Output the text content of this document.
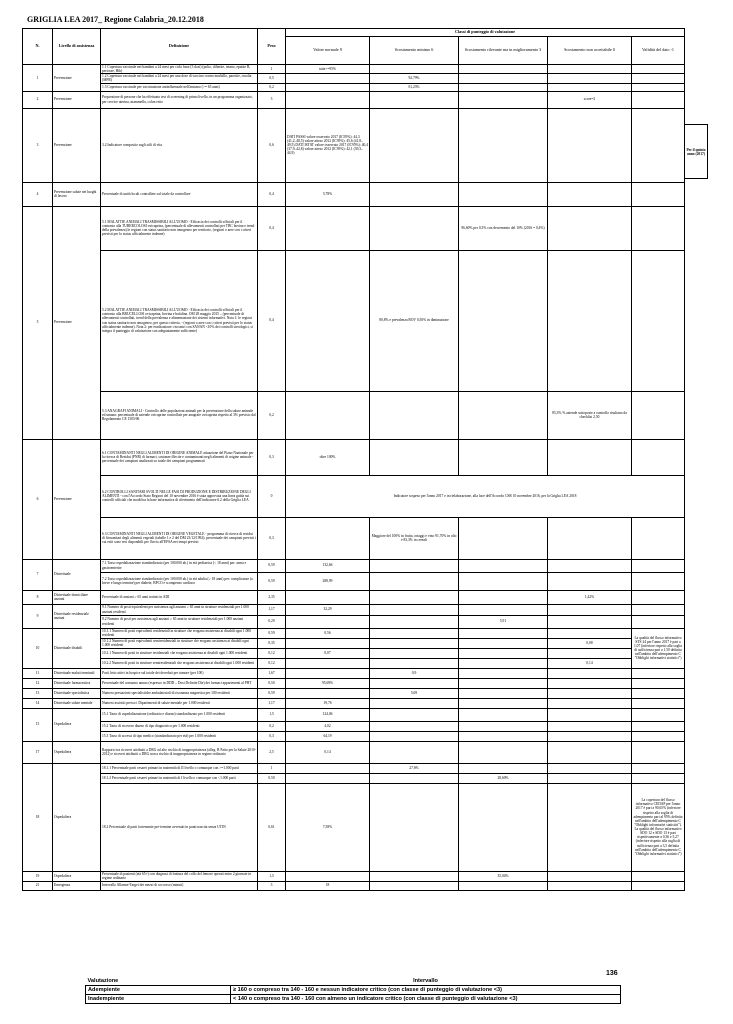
GRIGLIA LEA 2017_ Regione Calabria_20.12.2018
N.	Livello di assistenza	Definizione	Peso	Classi di punteggio di valutazione				
				Valore normale 9	Scostamento minimo 6	Scostamento rilevante ma in miglioramento 3	Scostamento non accettabile 0	Validità del dato -1
1	Prevenzione	1.1 Copertura vaccinale nei bambini a 24 mesi per ciclo base (3 dosi) (polio, difterite, tetano, epatite B, pertosse, Hib)	1	tutte>=95%				
		1.2 Copertura vaccinale nei bambini a 24 mesi per una dose di vaccino contro morbillo, parotite, rosolia (MPR)	0,5		92,79%			
		1.3 Copertura vaccinale per vaccinazione antinfluenzale nell'anziano (>= 65 anni)	0,2		61,23%			
2	Prevenzione	Proporzione di persone che ha effettuato test di screening di primo livello, in un programma organizzato, per cervice uterina, mammella, colon retto	3				score=2	
3	Prevenzione	3.2 Indicatore composito sugli stili di vita	0,6	DATI PASSI valore osservato 2017 (IC95%): 44,3 (41,2–48,5) valore atteso 2012 (IC95%): 45,6 (41,8–49,5) DATI ISTAT valore osservato 2017 (IC95%): 40,4 (37,9–42,8) valore atteso 2012 (IC95%): 42,1 (39,3–44,9)				
4	Prevenzione salute nei luoghi di lavoro	Percentuale di unità locali controllate sul totale da controllare	0,4	5,78%				
5	Prevenzione	5.1 MALATTIE ANIMALI TRASMISSIBILI ALL'UOMO - Efficacia dei controlli ufficiali per il contrasto alla TUBERCOLOSI ovicaprina, (percentuale di allevamenti controllati per TBC bovina e trend della prevalenza) le regioni con status sanitario non omogeneo per territorio, (regioni o aree con i criteri previsti per lo status ufficialmente indenne)	0,4			96,60% per 0,3% con decremento del 10% (2016 = 0,4%)		
		5.2 MALATTIE ANIMALI TRASMISSIBILI ALL'UOMO - Efficacia dei controlli ufficiali per il contrasto alla BRUCELLOSI ovicaprina, bovina e bufalina. OM 28 maggio 2015 – (percentuale di allevamenti controllati, trend della prevalenza e alimentazione dei sistemi informativi. Nota 1: le regioni con status sanitario non omogeneo, per questo criterio, - (regioni o aree con i criteri previsti per lo status ufficialmente indenne). Nota 2: per eradicazione: riscontri con SANAN <10% dei controlli sierologici, si integra il punteggio di valutazione con adeguatamente sufficiente)	0,4		80,8% e prevalenza BOV 0,50% in diminuzione			
		5.3 ANAGRAFI ANIMALI - Controllo delle popolazioni animali per la prevenzione della salute animale ed umana: percentuale di aziende ovicaprine controllate per anagrafe ovicaprina rispetto al 3% previsto dal Regolamento CE 1505/06	0,2				85,3% % aziende sottoposte a controllo risultano da checklist 2,50	
6	Prevenzione	6.1 CONTAMINANTI NEGLI ALIMENTI DI ORIGINE ANIMALE attuazione del Piano Nazionale per la ricerca di Residui (PNR) di farmaci, sostanze illecite e contaminanti negli alimenti di origine animale - percentuale dei campioni analizzati su totale dei campioni programmati	0,3	oltre 100%				
		6.2 CONTROLLI SANITARI SVOLTI NELLE FASI DI PRODUZIONE E DISTRIBUZIONE DEGLI ALIMENTI - con l'Accordo Stato Regioni del 10 novembre 2016 è stata approvata una linea guida sui controlli ufficiali che modifica la base informativa di riferimento dell'indicatore 6.2 della Griglia LEA	0	Indicatore sospeso per l'anno 2017 e in rielaborazione, alla luce dell'Accordo CSR 10 novembre 2016, per la Griglia LEA 2018				
		6.3 CONTAMINANTI NEGLI ALIMENTI DI ORIGINE VEGETALE - programma di ricerca di residui di fitosanitari degli alimenti vegetali (tabelle 1 e 2 del DM 23/12/1992); percentuale dei campioni previsti i cui esiti sono resi disponibili per l'invio all'EFSA nei tempi previsti	0,3		Maggiore del 100% in frutta, ortaggi e vino 91,70% in olio e 83,3% in cereali			
7	Distrettuale	7.1 Tasso ospedalizzazione standardizzato (per 100.000 ab.) in età pediatrica (< 18 anni) per: asma e gastroenterite	0,59	132,66				
		7.2 Tasso ospedalizzazione standardizzato (per 100.000 ab.) in età adulta (≥ 18 anni) per: complicanze (a breve e lungo termine) per diabete, BPCO e scompenso cardiaco	0,59	288,99				
8	Distrettuale domiciliare anziani	Percentuale di anziani ≥ 65 anni trattati in ADI	2,35				1,42%	
9	Distrettuale residenziale anziani	9.1 Numero di posti equivalenti per assistenza agli anziani ≥ 65 anni in strutture residenziali per 1.000 anziani residenti	1,17	32,29				
		9.2 Numero di posti per assistenza agli anziani ≥ 65 anni in strutture residenziali per 1.000 anziani residenti	0,29			5,91		
10	Distrettuale disabili	10.1.1 Numero di posti equivalenti residenziali in strutture che erogano assistenza ai disabili ogni 1.000 residenti	0,59	0,56				La qualità del flusso informativo STS 24 per l'anno 2017 è pari a 1,07 (inferiore rispetto alla soglia di sufficienza pari a 1,50 definita nell'ambito dell'adempimento C "Obblighi informativi statistici")
		10.1.2 Numero di posti equivalenti semiresidenziali in strutture che erogano assistenza ai disabili ogni 1.000 residenti	0,35				0,08	
		10.2.1 Numero di posti in strutture residenziali che erogano assistenza ai disabili ogni 1.000 residenti	0,12	0,07				
		10.2.2 Numero di posti in strutture semiresidenziali che erogano assistenza ai disabili ogni 1.000 residenti	0,12				0,14	
11	Distrettuale malati terminali	Posti letto attivi in hospice sul totale dei deceduti per tumore (per 100)	1,67		0,9			
12	Distrettuale farmaceutica	Percentuale del consumo annuo (espresso in DDD – Dosi Definite Die) dei farmaci appartenenti al PHT	0,50	95,69%				
13	Distrettuale specialistica	Numero prestazioni specialistiche ambulatoriali di risonanza magnetica per 100 residenti	0,59		5,69			
14	Distrettuale salute mentale	Numero assistiti presso i Dipartimenti di salute mentale per 1.000 residenti	1,17	19,76				
15	Ospedaliera	15.1 Tasso di ospedalizzazione (ordinario e diurno) standardizzato per 1.000 residenti	1,5	124,06				
		15.2 Tasso di ricovero diurno di tipo diagnostico per 1.000 residenti	0,2	4,02				
		15.3 Tasso di accessi di tipo medico (standardizzato per età) per 1.000 residenti	0,3	64,19				
17	Ospedaliera	Rapporto tra ricoveri attribuiti a DRG ad alto rischio di inappropriatezza (alleg. B Patto per la Salute 2010-2012) e ricoveri attribuiti a DRG non a rischio di inappropriatezza in regime ordinario	2,5	0,14				
18	Ospedaliera	18.1.1 Percentuale parti cesarei primari in maternità di II livello o comunque con >=1.000 parti	1		27,6%			
		18.1.2 Percentuale parti cesarei primari in maternità di I livello o comunque con <1.000 parti	0,50			28,60%		
		18.2 Percentuale di parti fortemente pre-termine avvenuti in punti nascita senza UTIN	0,61	7,58%				La copertura del flusso informativo CEDAP per l'anno 2017 è pari a 90,65% (inferiore rispetto alla soglia di adempimento pari al 95% definita nell'ambito dell'adempimento C "Obblighi informativi statistici"). La qualità del flusso informativo SDO 12 e SDO 13 è pari rispettivamente a 0,36 e 5,27 (inferiore rispetto alla soglia di sufficienza pari a 3,5 definita nell'ambito dell'adempimento C "Obblighi informativi statistici")
19	Ospedaliera	Percentuale di pazienti (età 65+) con diagnosi di frattura del collo del femore operati entro 2 giornate in regime ordinario	1,5			35,04%		
21	Emergenza	Intervallo Allarme-Target dei mezzi di soccorso (minuti)	3	18				
Per il quinto anno (2017)
136
Valutazione	Intervallo
Adempiente	≥ 160 o compreso tra 140 - 160 e nessun indicatore critico (con classe di punteggio di valutazione <3)
Inadempiente	< 140 o compreso tra 140 - 160 con almeno un indicatore critico (con classe di punteggio di valutazione <3)
